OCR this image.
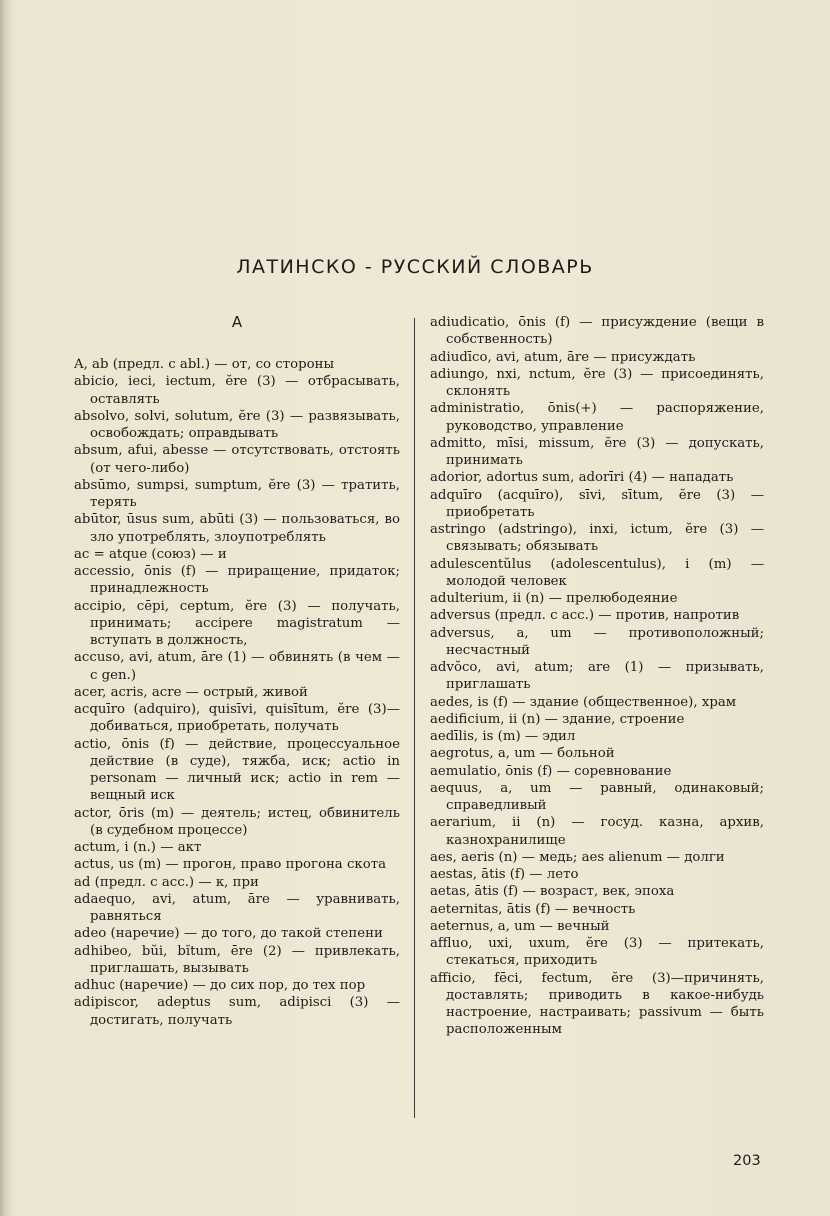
ЛАТИНСКО - РУССКИЙ СЛОВАРЬ
А

A, ab (предл. с abl.) — от, со стороны

abicio, ieci, iectum, ĕre (3) — отбрасывать, оставлять

absolvo, solvi, solutum, ĕre (3) — развязывать, освобождать; оправдывать

absum, afui, abesse — отсутствовать, отстоять (от чего-либо)

absūmo, sumpsi, sumptum, ĕre (3) — тратить, терять

abūtor, ūsus sum, abūti (3) — пользоваться, во зло употреблять, злоупотреблять

ac = atque (союз) — и

accessio, ōnis (f) — приращение, придаток; принадлежность

accipio, cēpi, ceptum, ĕre (3) — получать, принимать; accipere magistratum — вступать в должность,

accuso, avi, atum, āre (1) — обвинять (в чем — с gen.)

acer, acris, acre — острый, живой

acquīro (adquiro), quisīvi, quisītum, ĕre (3)— добиваться, приобретать, получать

actio, ōnis (f) — действие, процессуальное действие (в суде), тяжба, иск; actio in personam — личный иск; actio in rem — вещный иск

actor, ōris (m) — деятель; истец, обвинитель (в судебном процессе)

actum, i (n.) — акт

actus, us (m) — прогон, право прогона скота

ad (предл. с acc.) — к, при

adaequo, avi, atum, āre — уравнивать, равняться

adeo (наречие) — до того, до такой степени

adhibeo, bŭi, bĭtum, ēre (2) — привлекать, приглашать, вызывать

adhuc (наречие) — до сих пор, до тех пор

adipiscor, adeptus sum, adipisci (3) — достигать, получать

adiudicatio, ōnis (f) — присуждение (вещи в собственность)

adiudīco, avi, atum, āre — присуждать

adiungo, nxi, nctum, ĕre (3) — присоединять, склонять

administratio, ōnis(+) — распоряжение, руководство, управление

admitto, mīsi, missum, ĕre (3) — допускать, принимать

adorior, adortus sum, adorīri (4) — нападать

adquīro (acquīro), sīvi, sītum, ĕre (3) — приобретать

astringo (adstringo), inxi, ictum, ĕre (3) — связывать; обязывать

adulescentŭlus (adolescentulus), i (m) — молодой человек

adulterium, ii (n) — прелюбодеяние

adversus (предл. с acc.) — против, напротив

adversus, a, um — противоположный; несчастный

advŏco, avi, atum; are (1) — призывать, приглашать

aedes, is (f) — здание (общественное), храм

aedificium, ii (n) — здание, строение

aedīlis, is (m) — эдил

aegrotus, a, um — больной

aemulatio, ōnis (f) — соревнование

aequus, a, um — равный, одинаковый; справедливый

aerarium, ii (n) — госуд. казна, архив, казнохранилище

aes, aeris (n) — медь; aes alienum — долги

aestas, ātis (f) — лето

aetas, ātis (f) — возраст, век, эпоха

aeternitas, ātis (f) — вечность

aeternus, a, um — вечный

affluo, uxi, uxum, ĕre (3) — притекать, стекаться, приходить

afficio, fēci, fectum, ĕre (3)—причинять, доставлять; приводить в какое-нибудь настроение, настраивать; passivum — быть расположенным

203
